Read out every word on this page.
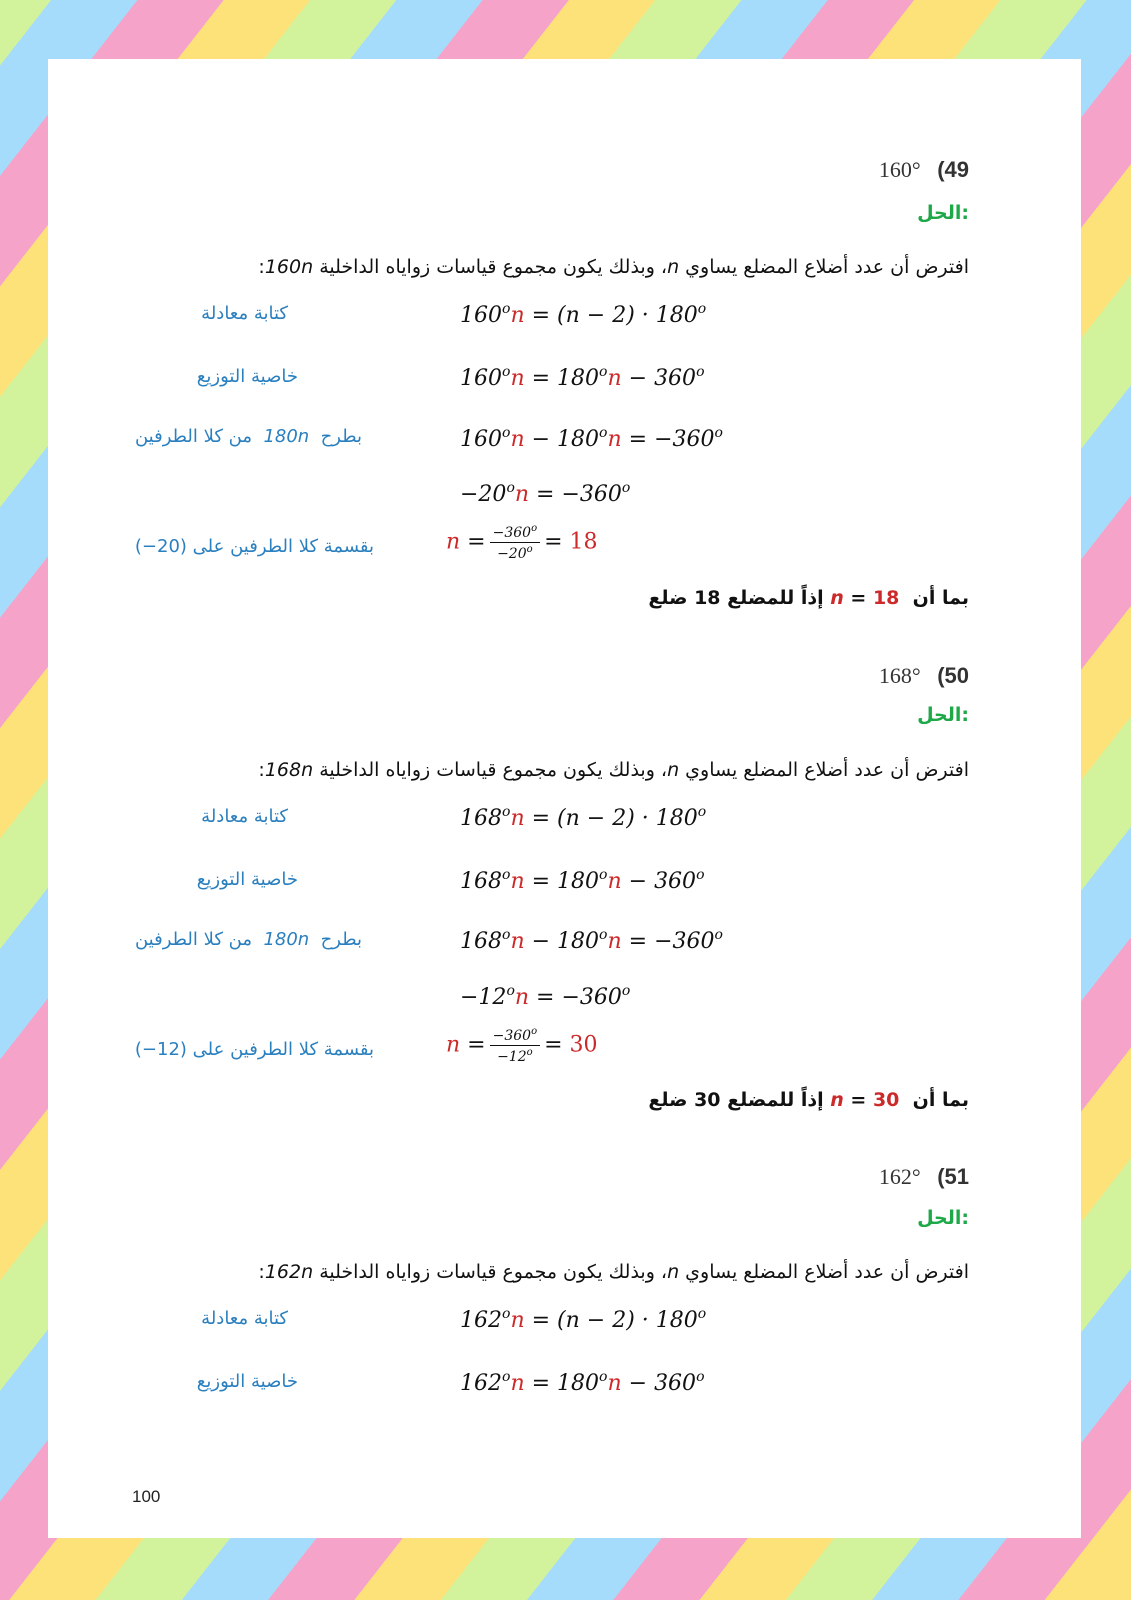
160° (49
الحل:
افترض أن عدد أضلاع المضلع يساوي n، وبذلك يكون مجموع قياسات زواياه الداخلية 160n:
كتابة معادلة	$160^on = (n - 2) \cdot 180^o$
خاصية التوزيع	$160^on = 180^on - 360^o$
بطرح  180n  من كلا الطرفين	$160^on - 180^on = -360^o$
$-20^on = -360^o$
بقسمة كلا الطرفين على (−20)	$n = \frac{-360^o}{-20^o} = 18$
بما أن  n = 18 إذاً للمضلع 18 ضلع
168° (50
الحل:
افترض أن عدد أضلاع المضلع يساوي n، وبذلك يكون مجموع قياسات زواياه الداخلية 168n:
كتابة معادلة	$168^on = (n - 2) \cdot 180^o$
خاصية التوزيع	$168^on = 180^on - 360^o$
بطرح  180n  من كلا الطرفين	$168^on - 180^on = -360^o$
$-12^on = -360^o$
بقسمة كلا الطرفين على (−12)	$n = \frac{-360^o}{-12^o} = 30$
بما أن  n = 30 إذاً للمضلع 30 ضلع
162° (51
الحل:
افترض أن عدد أضلاع المضلع يساوي n، وبذلك يكون مجموع قياسات زواياه الداخلية 162n:
كتابة معادلة	$162^on = (n - 2) \cdot 180^o$
خاصية التوزيع	$162^on = 180^on - 360^o$
100
